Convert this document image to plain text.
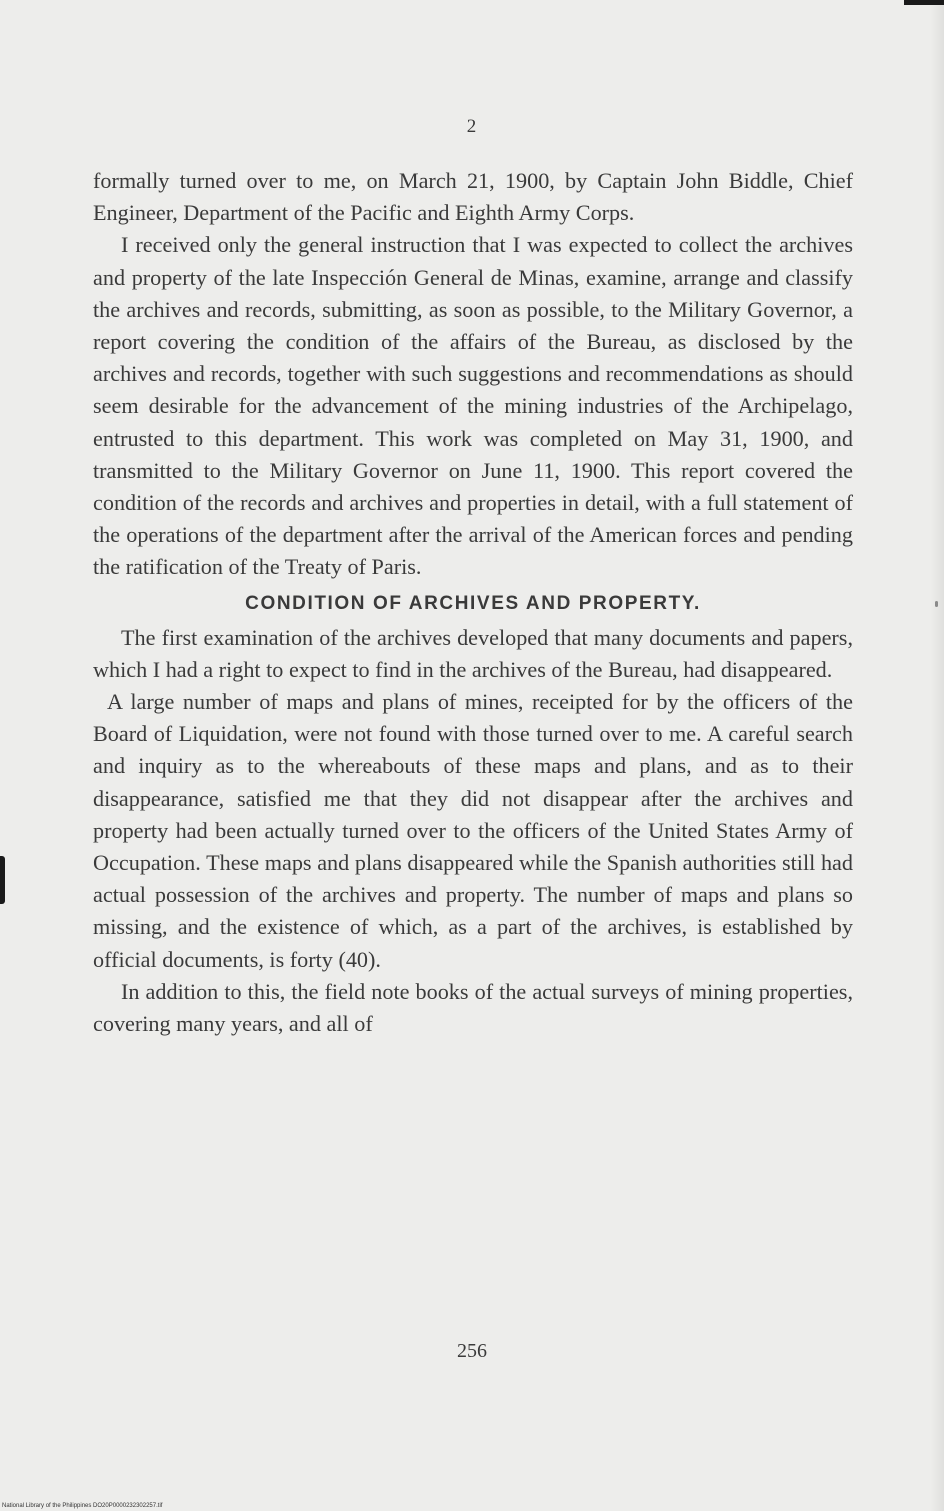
2

formally turned over to me, on March 21, 1900, by Captain John Biddle, Chief Engineer, Department of the Pacific and Eighth Army Corps.

I received only the general instruction that I was expected to collect the archives and property of the late Inspección General de Minas, examine, arrange and classify the archives and records, submitting, as soon as possible, to the Military Governor, a report covering the condition of the affairs of the Bureau, as disclosed by the archives and records, together with such suggestions and recommendations as should seem desirable for the advancement of the mining industries of the Archipelago, entrusted to this department. This work was completed on May 31, 1900, and transmitted to the Military Governor on June 11, 1900. This report covered the condition of the records and archives and properties in detail, with a full statement of the operations of the department after the arrival of the American forces and pending the ratification of the Treaty of Paris.

CONDITION OF ARCHIVES AND PROPERTY.

The first examination of the archives developed that many documents and papers, which I had a right to expect to find in the archives of the Bureau, had disappeared.

A large number of maps and plans of mines, receipted for by the officers of the Board of Liquidation, were not found with those turned over to me. A careful search and inquiry as to the whereabouts of these maps and plans, and as to their disappearance, satisfied me that they did not disappear after the archives and property had been actually turned over to the officers of the United States Army of Occupation. These maps and plans disappeared while the Spanish authorities still had actual possession of the archives and property. The number of maps and plans so missing, and the existence of which, as a part of the archives, is established by official documents, is forty (40).

In addition to this, the field note books of the actual surveys of mining properties, covering many years, and all of

256
National Library of the Philippines DO20P0000232302257.tif
